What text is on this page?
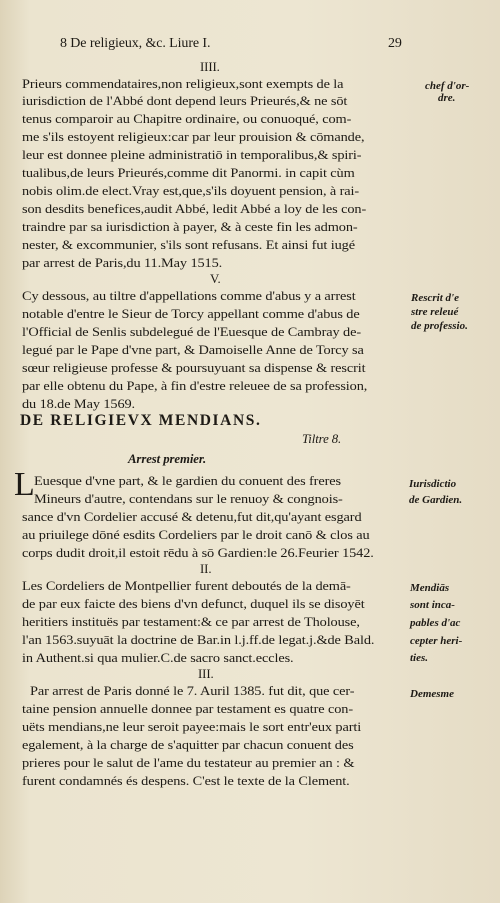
8 De religieux, &c. Liure I.	29
IIII.
Prieurs commendataires,non religieux,sont exempts de la
iurisdiction de l'Abbé dont depend leurs Prieurés,& ne sōt
tenus comparoir au Chapitre ordinaire, ou conuoqué, com-
me s'ils estoyent religieux:car par leur prouision & cōmande,
leur est donnee pleine administratiō in temporalibus,& spiri-
tualibus,de leurs Prieurés,comme dit Panormi. in capit cùm
nobis olim.de elect.Vray est,que,s'ils doyuent pension, à rai-
son desdits benefices,audit Abbé, ledit Abbé a loy de les con-
traindre par sa iurisdiction à payer, & à ceste fin les admon-
nester, & excommunier, s'ils sont refusans. Et ainsi fut iugé
par arrest de Paris,du 11.May 1515.
V.
Cy dessous, au tiltre d'appellations comme d'abus y a arrest
notable d'entre le Sieur de Torcy appellant comme d'abus de
l'Official de Senlis subdelegué de l'Euesque de Cambray de-
legué par le Pape d'vne part, & Damoiselle Anne de Torcy sa
sœur religieuse professe & poursuyuant sa dispense & rescrit
par elle obtenu du Pape, à fin d'estre releuee de sa profession,
du 18.de May 1569.
DE RELIGIEVX MENDIANS.
Tiltre 8.
Arrest premier.
L Euesque d'vne part, & le gardien du conuent des freres
Mineurs d'autre, contendans sur le renuoy & congnois-
sance d'vn Cordelier accusé & detenu,fut dit,qu'ayant esgard
au priuilege dōné esdits Cordeliers par le droit canō & clos au
corps dudit droit,il estoit rēdu à sō Gardien:le 26.Feurier 1542.
II.
Les Cordeliers de Montpellier furent deboutés de la demā-
de par eux faicte des biens d'vn defunct, duquel ils se disoyēt
heritiers instituës par testament:& ce par arrest de Tholouse,
l'an 1563.suyuāt la doctrine de Bar.in l.j.ff.de legat.j.&de Bald.
in Authent.si qua mulier.C.de sacro sanct.eccles.
III.
Par arrest de Paris donné le 7. Auril 1385. fut dit, que cer-
taine pension annuelle donnee par testament es quatre con-
uëts mendians,ne leur seroit payee:mais le sort entr'eux parti
egalement, à la charge de s'aquitter par chacun conuent des
prieres pour le salut de l'ame du testateur au premier an : &
furent condamnés és despens. C'est le texte de la Clement.
chef d'or-
dre.
Rescrit d'e
stre releué
de professio.
Iurisdictio
de Gardien.
Mendiās
sont inca-
pables d'ac
cepter heri-
ties.
Demesme
